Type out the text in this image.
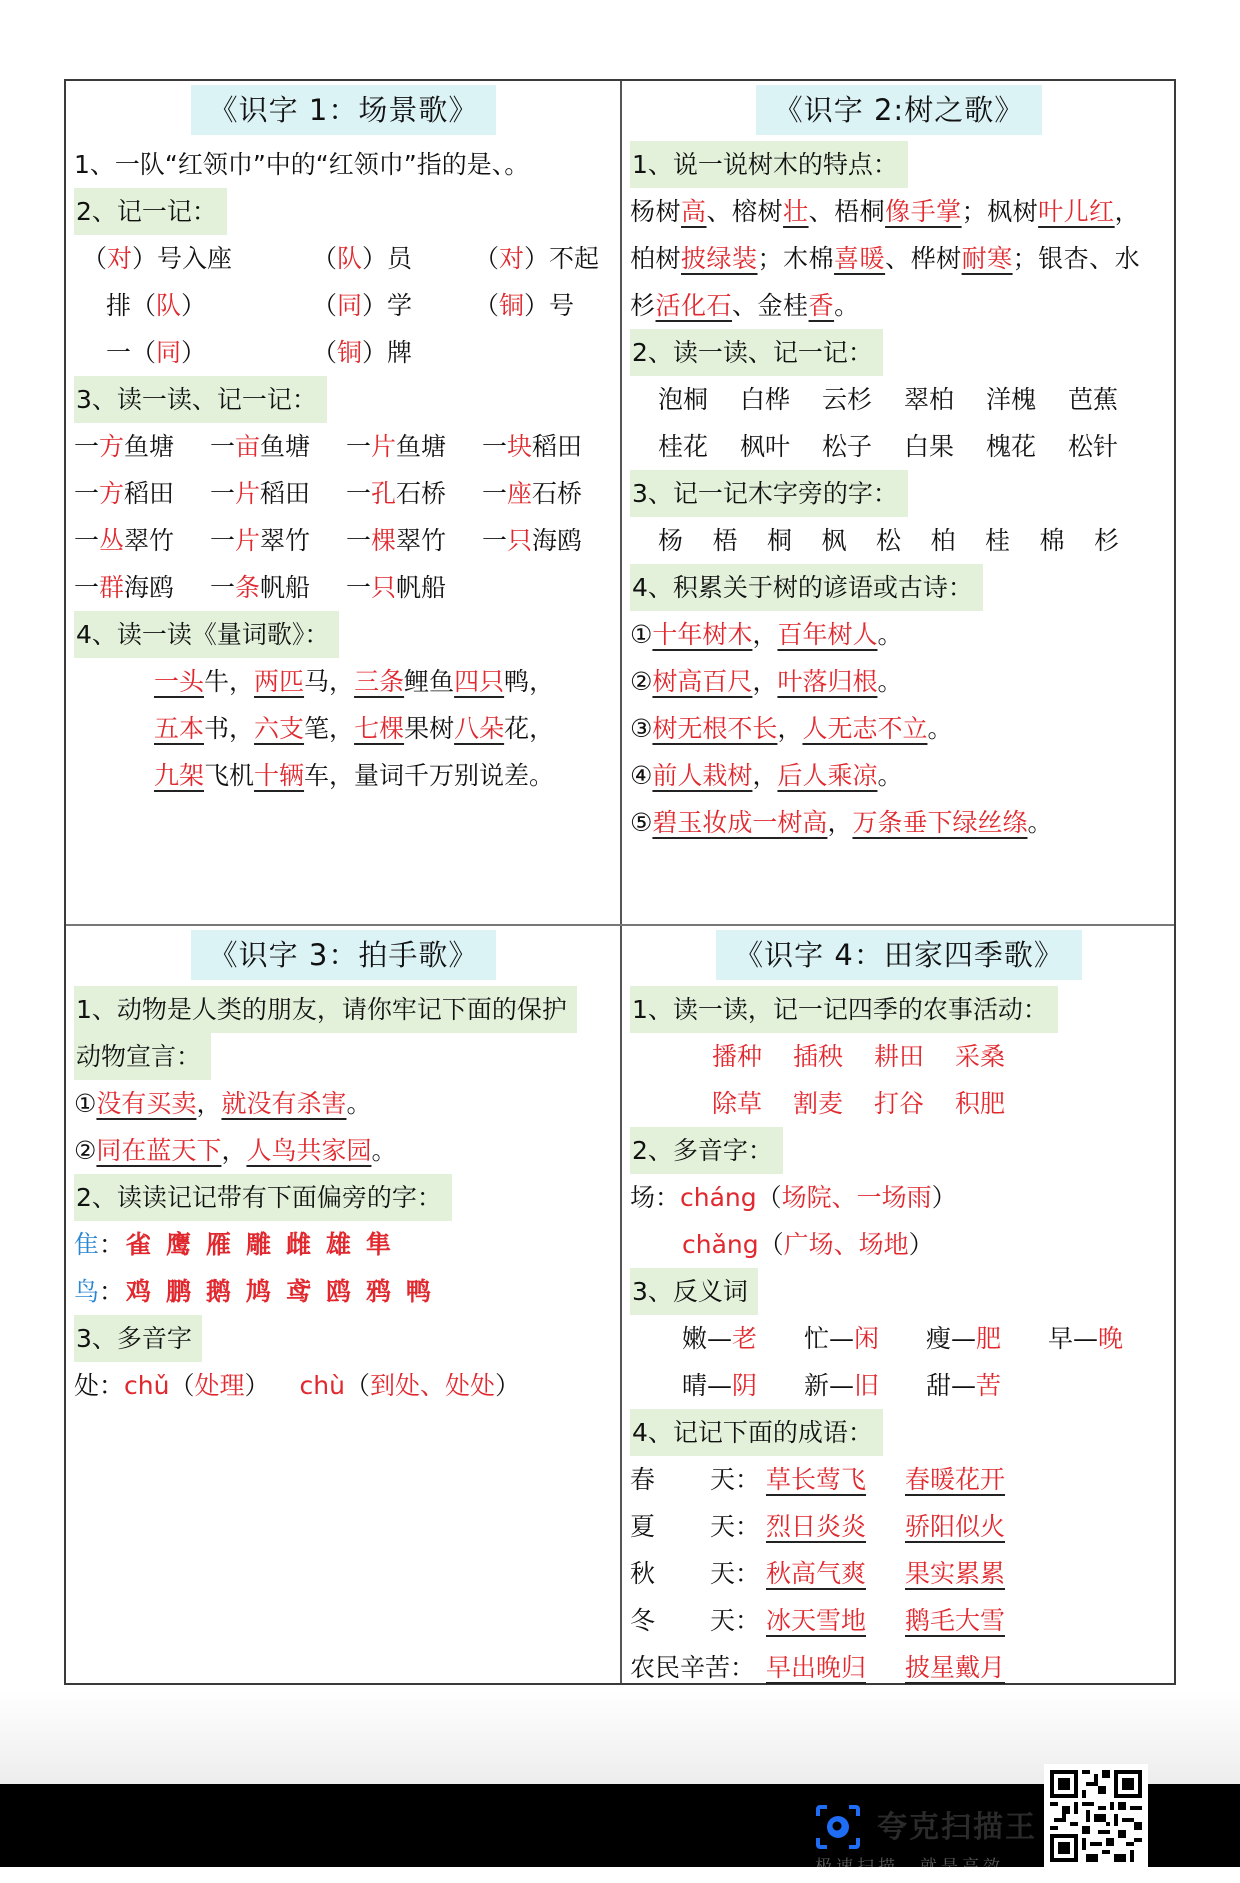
《识字 1：场景歌》
1、一队“红领巾”中的“红领巾”指的是、。
2、记一记：
（对）号入座	（队）员 （对）不起
排（队）	（同）学 （铜）号
一（同）	（铜）牌
3、读一读、记一记：
一方鱼塘 一亩鱼塘 一片鱼塘 一块稻田
一方稻田 一片稻田 一孔石桥 一座石桥
一丛翠竹 一片翠竹 一棵翠竹 一只海鸥
一群海鸥 一条帆船 一只帆船
4、读一读《量词歌》：
一头牛，两匹马，三条鲤鱼四只鸭，
五本书，六支笔，七棵果树八朵花，
九架飞机十辆车，量词千万别说差。
《识字 2:树之歌》
1、说一说树木的特点：
杨树高、榕树壮、梧桐像手掌；枫树叶儿红，
柏树披绿装；木棉喜暖、桦树耐寒；银杏、水
杉活化石、金桂香。
2、读一读、记一记：
泡桐 白桦 云杉 翠柏 洋槐 芭蕉
桂花 枫叶 松子 白果 槐花 松针
3、记一记木字旁的字：
杨 梧 桐 枫 松 柏 桂 棉 杉
4、积累关于树的谚语或古诗：
①十年树木，百年树人。
②树高百尺，叶落归根。
③树无根不长，人无志不立。
④前人栽树，后人乘凉。
⑤碧玉妆成一树高，万条垂下绿丝绦。
《识字 3：拍手歌》
1、动物是人类的朋友，请你牢记下面的保护
动物宣言：
①没有买卖，就没有杀害。
②同在蓝天下，人鸟共家园。
2、读读记记带有下面偏旁的字：
隹： 雀 鹰 雁 雕 雌 雄 隼
鸟： 鸡 鹏 鹅 鸠 鸢 鸥 鸦 鸭
3、多音字
处：chǔ（处理） chù（到处、处处）
《识字 4：田家四季歌》
1、读一读，记一记四季的农事活动：
播种 插秧 耕田 采桑
除草 割麦 打谷 积肥
2、多音字：
场：cháng（场院、一场雨）
chǎng（广场、场地）
3、反义词
嫩—老 忙—闲 瘦—肥 早—晚
晴—阴 新—旧 甜—苦
4、记记下面的成语：
春 天： 草长莺飞 春暖花开
夏 天： 烈日炎炎 骄阳似火
秋 天： 秋高气爽 果实累累
冬 天： 冰天雪地 鹅毛大雪
农民辛苦： 早出晚归 披星戴月
夸克扫描王
